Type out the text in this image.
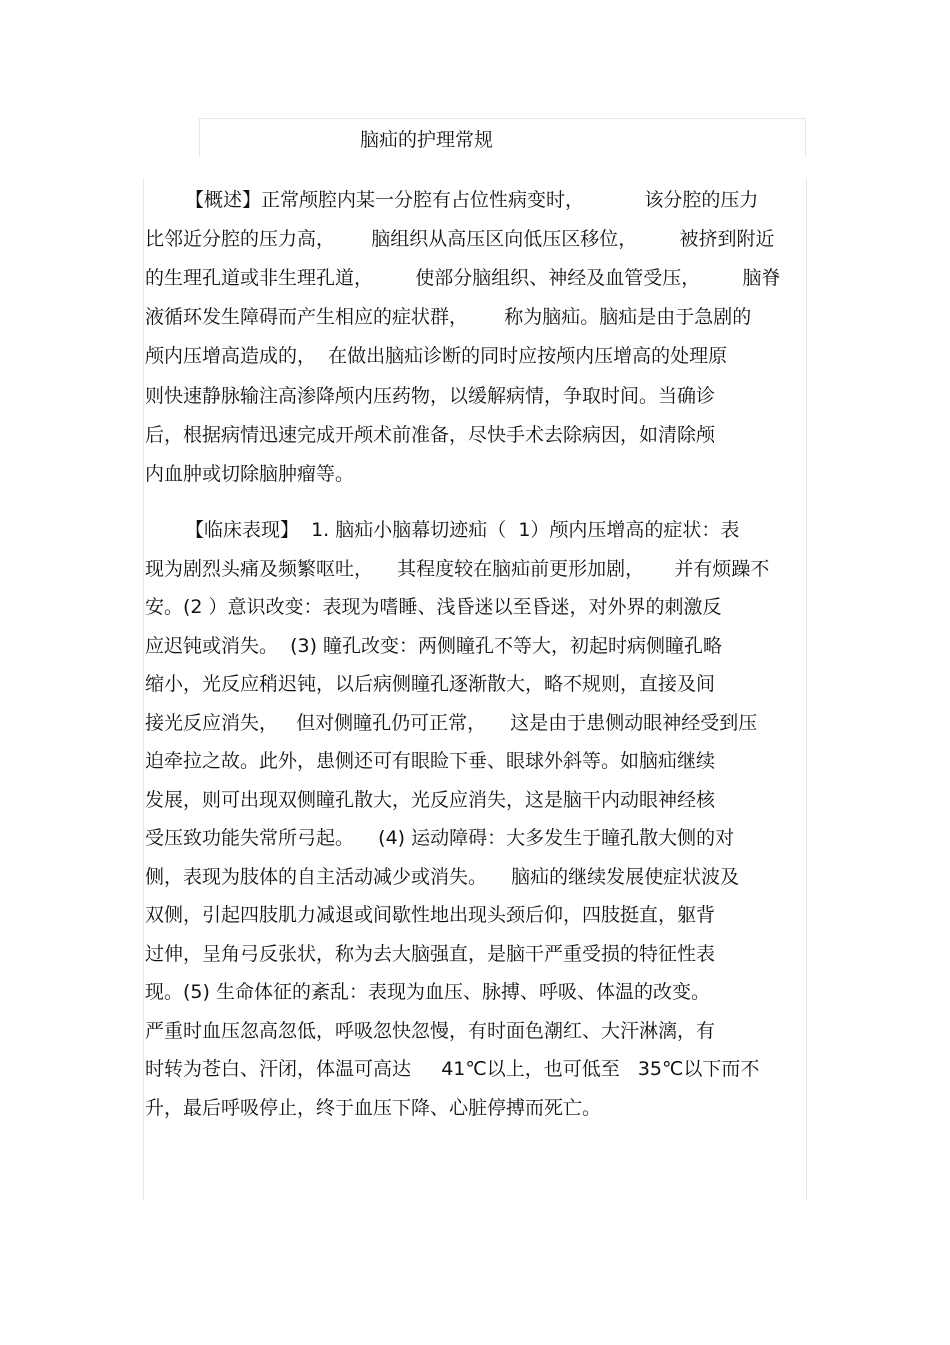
脑疝的护理常规
【概述】正常颅腔内某一分腔有占位性病变时，          该分腔的压力
比邻近分腔的压力高，      脑组织从高压区向低压区移位，       被挤到附近
的生理孔道或非生理孔道，       使部分脑组织、神经及血管受压，       脑脊
液循环发生障碍而产生相应的症状群，      称为脑疝。脑疝是由于急剧的
颅内压增高造成的，  在做出脑疝诊断的同时应按颅内压增高的处理原
则快速静脉输注高渗降颅内压药物，以缓解病情，争取时间。当确诊
后，根据病情迅速完成开颅术前准备，尽快手术去除病因，如清除颅
内血肿或切除脑肿瘤等。
【临床表现】  1. 脑疝小脑幕切迹疝（  1）颅内压增高的症状：表
现为剧烈头痛及频繁呕吐，    其程度较在脑疝前更形加剧，     并有烦躁不
安。(2 ）意识改变：表现为嗜睡、浅昏迷以至昏迷，对外界的刺激反
应迟钝或消失。  (3) 瞳孔改变：两侧瞳孔不等大，初起时病侧瞳孔略
缩小，光反应稍迟钝，以后病侧瞳孔逐渐散大，略不规则，直接及间
接光反应消失，   但对侧瞳孔仍可正常，    这是由于患侧动眼神经受到压
迫牵拉之故。此外，患侧还可有眼睑下垂、眼球外斜等。如脑疝继续
发展，则可出现双侧瞳孔散大，光反应消失，这是脑干内动眼神经核
受压致功能失常所弓起。    (4) 运动障碍：大多发生于瞳孔散大侧的对
侧，表现为肢体的自主活动减少或消失。    脑疝的继续发展使症状波及
双侧，引起四肢肌力减退或间歇性地出现头颈后仰，四肢挺直，躯背
过伸，呈角弓反张状，称为去大脑强直，是脑干严重受损的特征性表
现。(5) 生命体征的紊乱：表现为血压、脉搏、呼吸、体温的改变。
严重时血压忽高忽低，呼吸忽快忽慢，有时面色潮红、大汗淋漓，有
时转为苍白、汗闭，体温可高达     41℃以上，也可低至   35℃以下而不
升，最后呼吸停止，终于血压下降、心脏停搏而死亡。
